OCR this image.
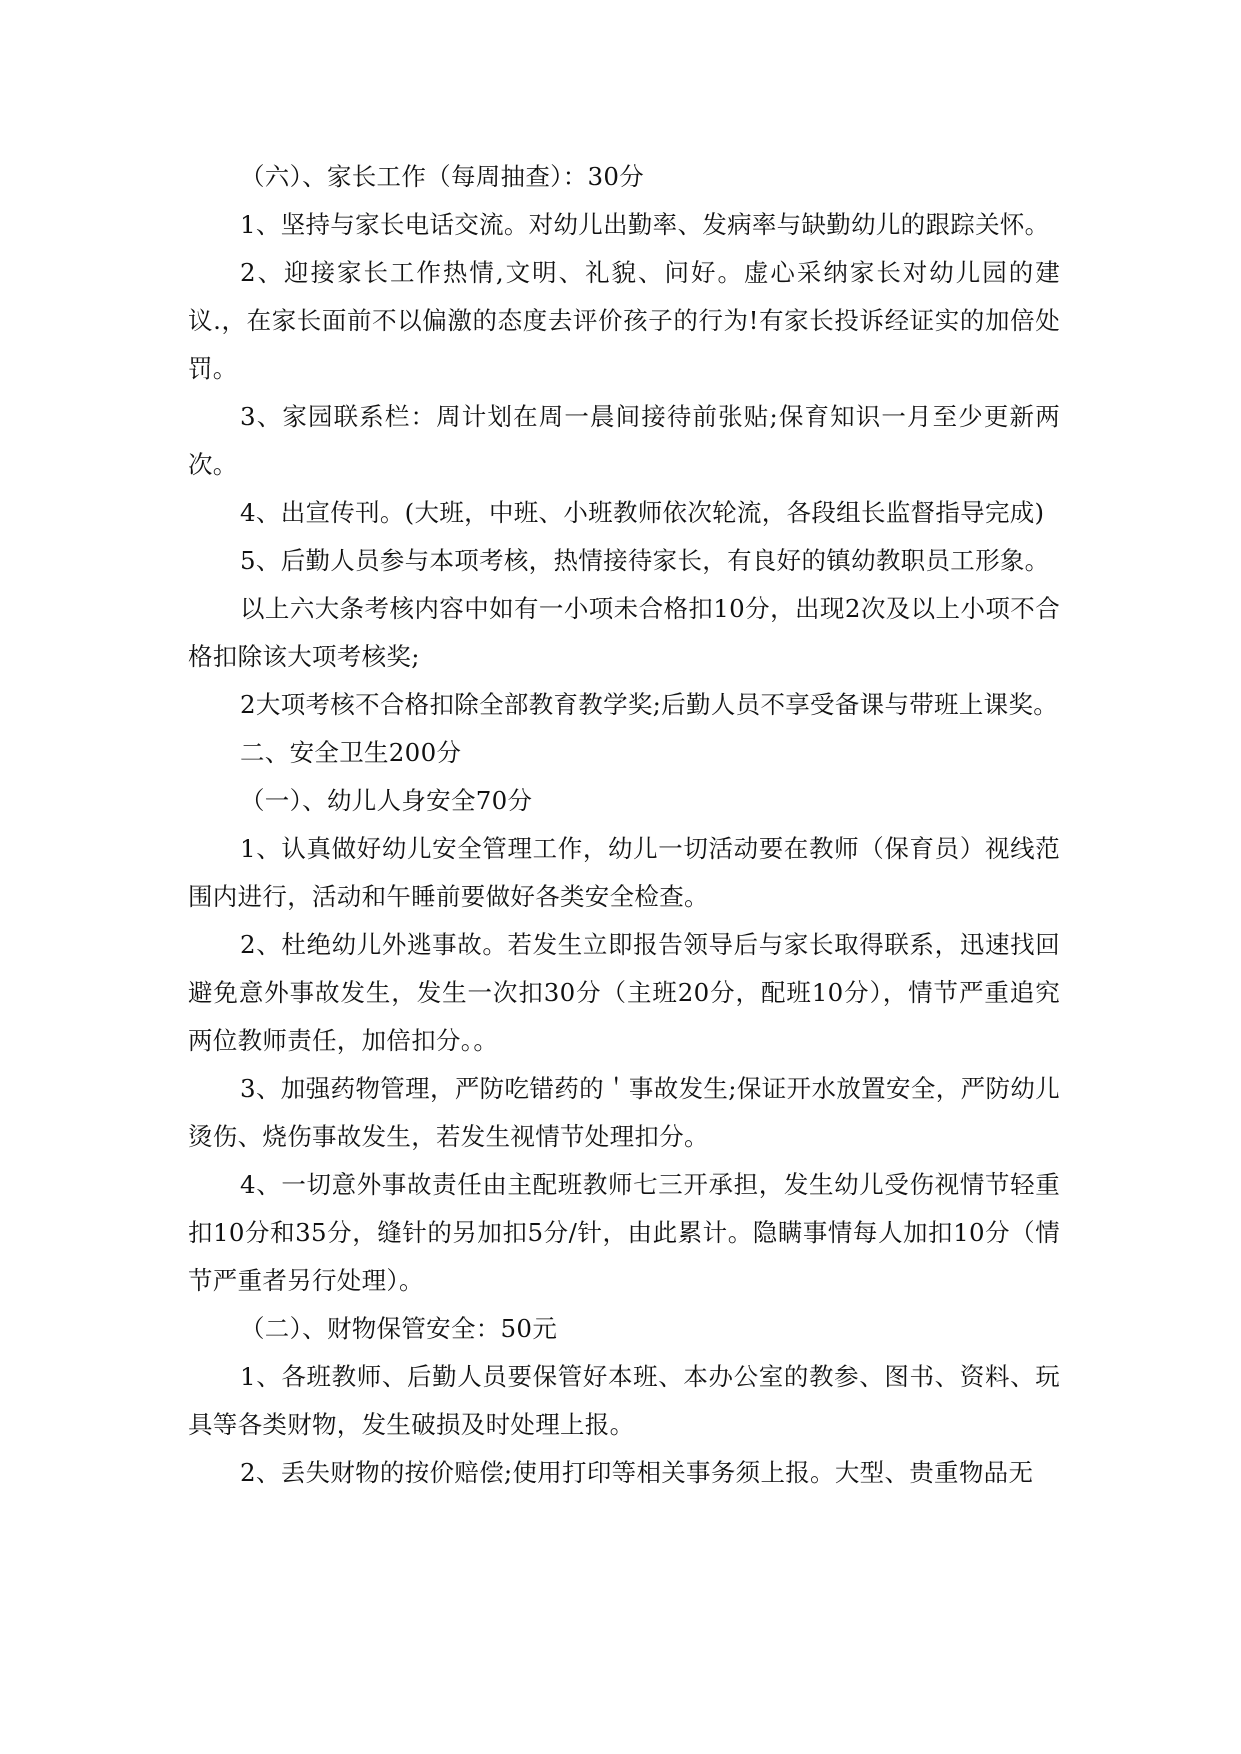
（六）、家长工作（每周抽查）：30分

1、坚持与家长电话交流。对幼儿出勤率、发病率与缺勤幼儿的跟踪关怀。

2、迎接家长工作热情,文明、礼貌、问好。虚心采纳家长对幼儿园的建议.，在家长面前不以偏激的态度去评价孩子的行为!有家长投诉经证实的加倍处罚。

3、家园联系栏：周计划在周一晨间接待前张贴;保育知识一月至少更新两次。

4、出宣传刊。(大班，中班、小班教师依次轮流，各段组长监督指导完成)

5、后勤人员参与本项考核，热情接待家长，有良好的镇幼教职员工形象。

以上六大条考核内容中如有一小项未合格扣10分，出现2次及以上小项不合格扣除该大项考核奖;

2大项考核不合格扣除全部教育教学奖;后勤人员不享受备课与带班上课奖。

二、安全卫生200分

（一）、幼儿人身安全70分

1、认真做好幼儿安全管理工作，幼儿一切活动要在教师（保育员）视线范围内进行，活动和午睡前要做好各类安全检查。

2、杜绝幼儿外逃事故。若发生立即报告领导后与家长取得联系，迅速找回避免意外事故发生，发生一次扣30分（主班20分，配班10分），情节严重追究两位教师责任，加倍扣分。。

3、加强药物管理，严防吃错药的＇事故发生;保证开水放置安全，严防幼儿烫伤、烧伤事故发生，若发生视情节处理扣分。

4、一切意外事故责任由主配班教师七三开承担，发生幼儿受伤视情节轻重扣10分和35分，缝针的另加扣5分/针，由此累计。隐瞒事情每人加扣10分（情节严重者另行处理）。

（二）、财物保管安全：50元

1、各班教师、后勤人员要保管好本班、本办公室的教参、图书、资料、玩具等各类财物，发生破损及时处理上报。

2、丢失财物的按价赔偿;使用打印等相关事务须上报。大型、贵重物品无
